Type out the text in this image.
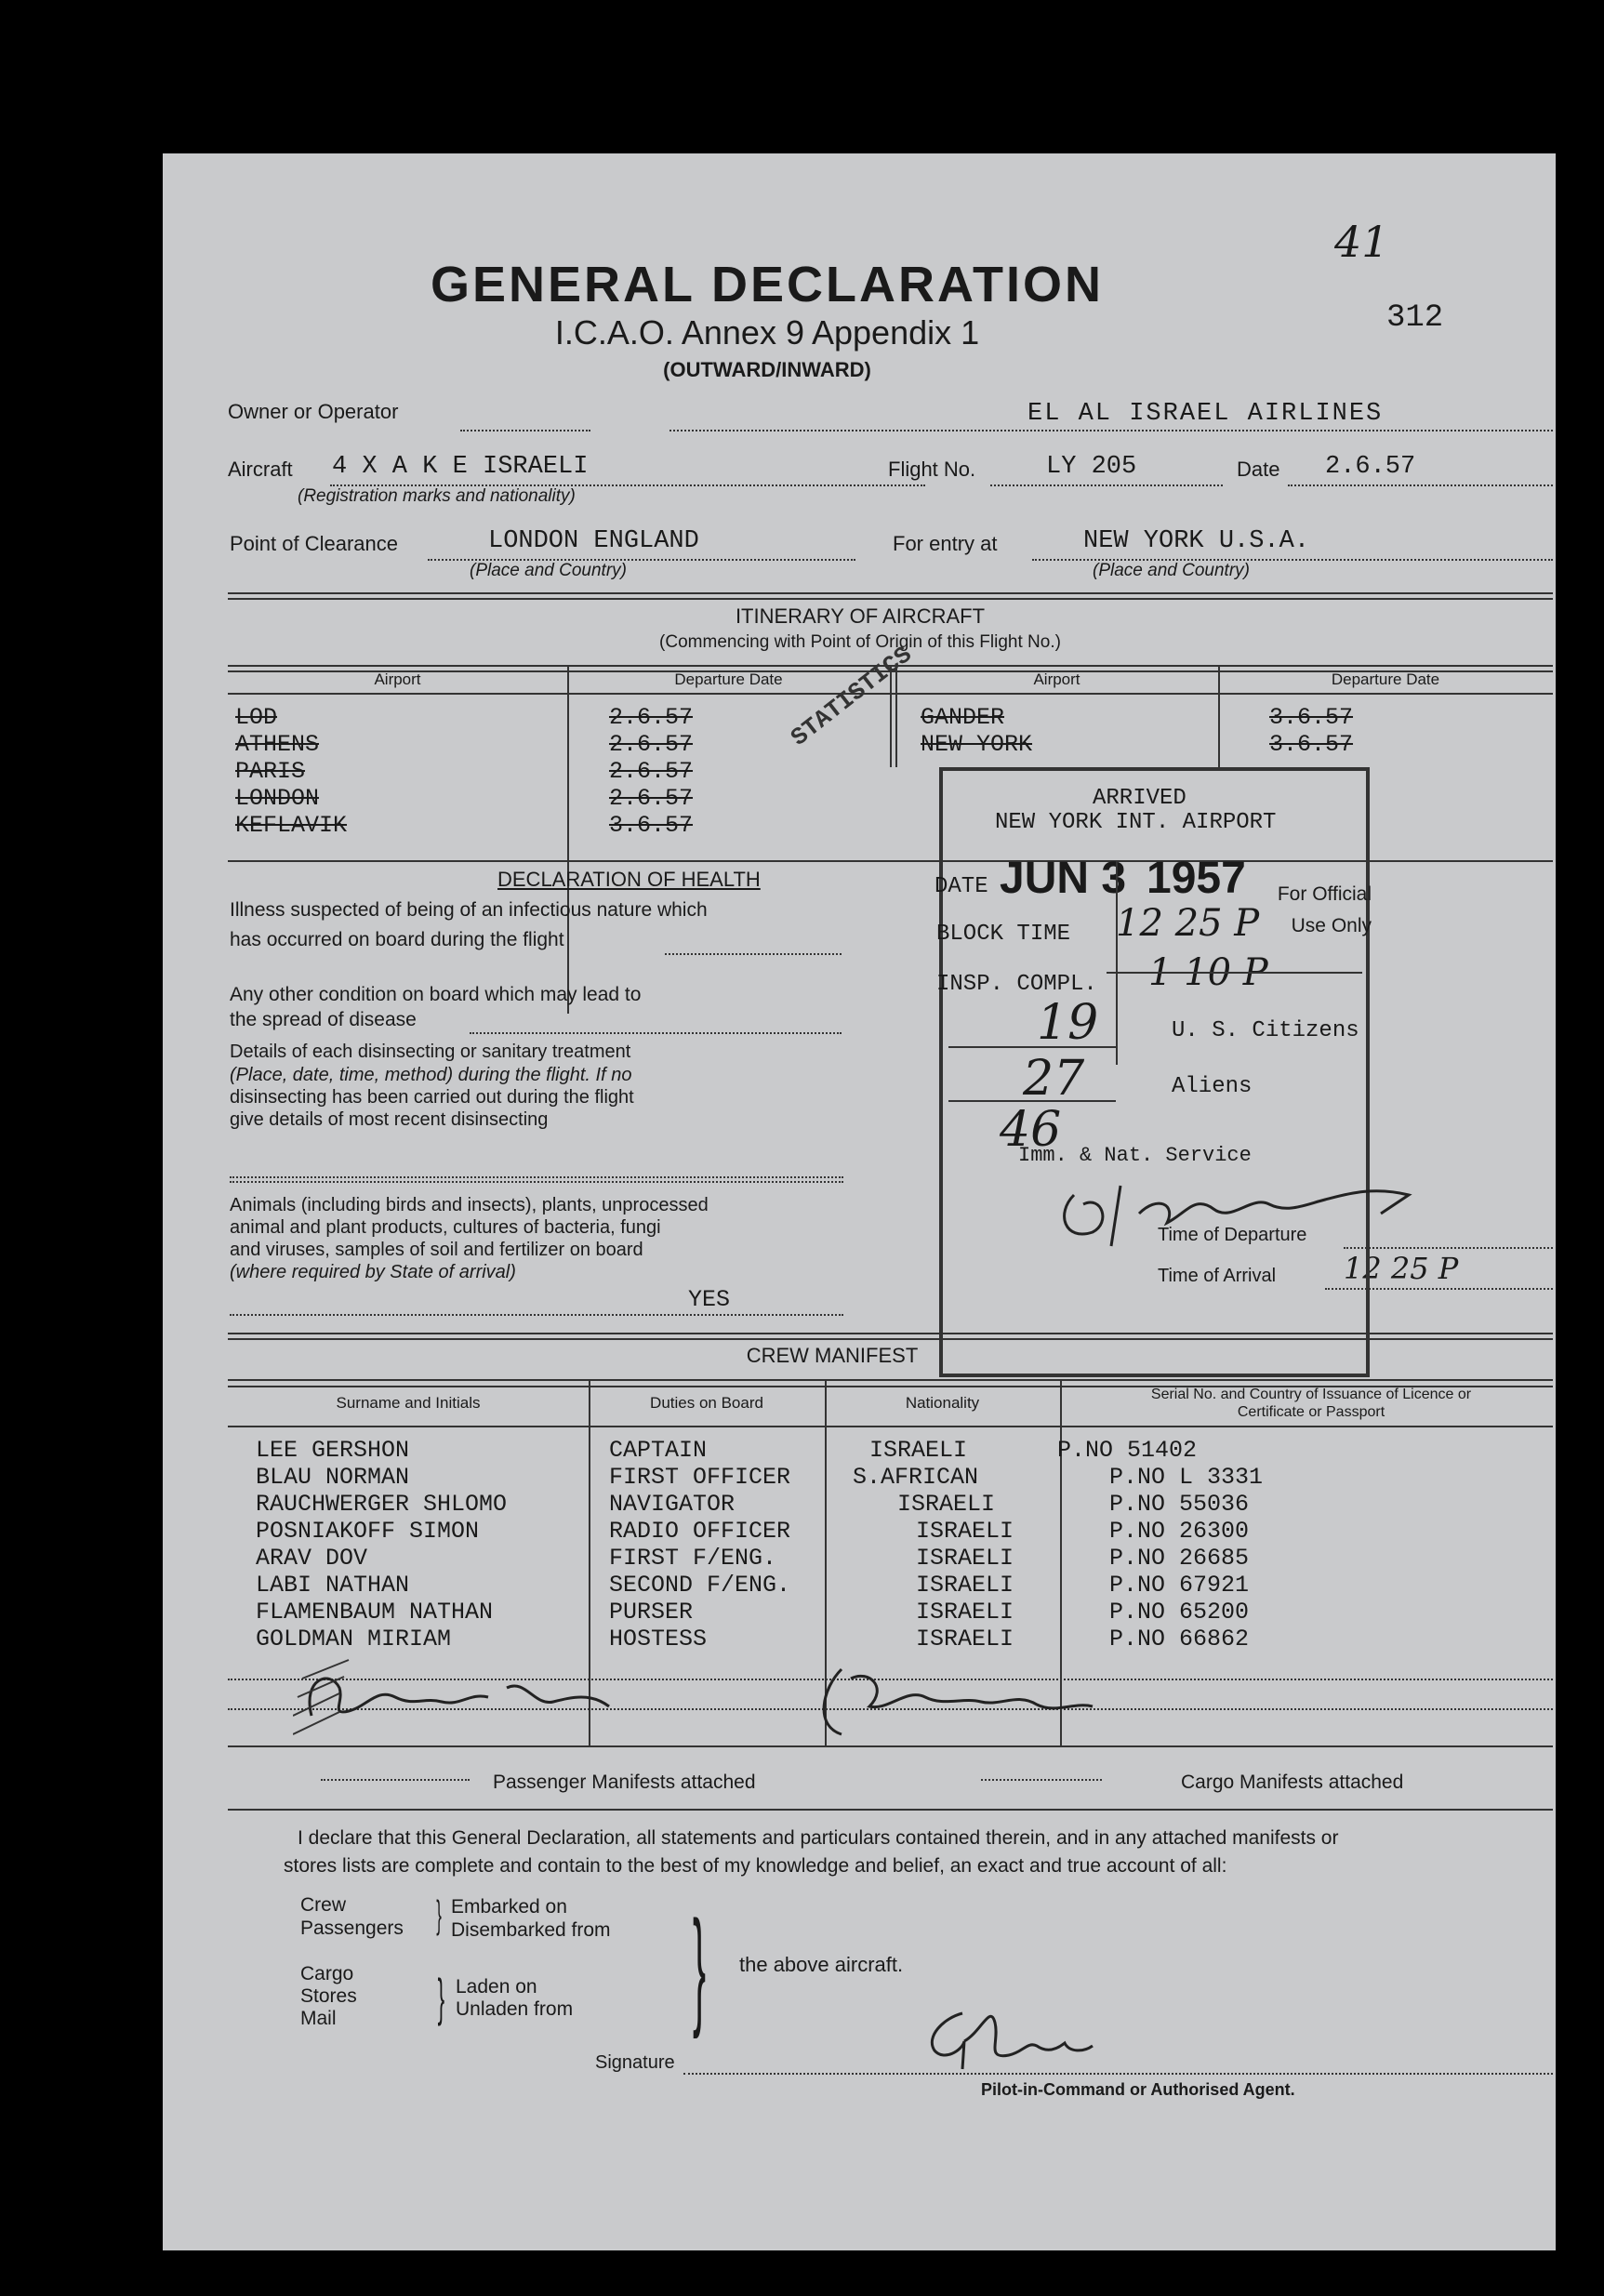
41
312
GENERAL DECLARATION
I.C.A.O. Annex 9 Appendix 1
(OUTWARD/INWARD)
Owner or Operator	EL AL ISRAEL AIRLINES
Aircraft 4 X A K E ISRAELI
(Registration marks and nationality)
Flight No.	LY 205	Date 2.6.57
Point of Clearance	LONDON ENGLAND
(Place and Country)
For entry at	NEW YORK U.S.A.
(Place and Country)
ITINERARY OF AIRCRAFT
(Commencing with Point of Origin of this Flight No.)
Airport	Departure Date	Airport	Departure Date
LOD	2.6.57
ATHENS	2.6.57
PARIS	2.6.57
LONDON	2.6.57
KEFLAVIK	3.6.57
GANDER	3.6.57
NEW YORK	3.6.57
DECLARATION OF HEALTH
Illness suspected of being of an infectious nature which
has occurred on board during the flight
Any other condition on board which may lead to
the spread of disease
Details of each disinsecting or sanitary treatment
(Place, date, time, method) during the flight. If no
disinsecting has been carried out during the flight
give details of most recent disinsecting
Animals (including birds and insects), plants, unprocessed
animal and plant products, cultures of bacteria, fungi
and viruses, samples of soil and fertilizer on board
(where required by State of arrival)
YES
Time of Departure
Time of Arrival 12 25 P
STATISTICS
ARRIVED
NEW YORK INT. AIRPORT
DATE JUN 3 1957	For Official Use Only
BLOCK TIME 12 25 P
INSP. COMPL. 1 10 P
19	U. S. Citizens
27	Aliens
46
Imm. & Nat. Service
CREW MANIFEST
Surname and Initials	Duties on Board	Nationality	Serial No. and Country of Issuance of Licence or Certificate or Passport
LEE GERSHON	CAPTAIN	ISRAELI	P.NO 51402
BLAU NORMAN	FIRST OFFICER	S.AFRICAN	P.NO L 3331
RAUCHWERGER SHLOMO	NAVIGATOR	ISRAELI	P.NO 55036
POSNIAKOFF SIMON	RADIO OFFICER	ISRAELI	P.NO 26300
ARAV DOV	FIRST F/ENG.	ISRAELI	P.NO 26685
LABI NATHAN	SECOND F/ENG.	ISRAELI	P.NO 67921
FLAMENBAUM NATHAN	PURSER	ISRAELI	P.NO 65200
GOLDMAN MIRIAM	HOSTESS	ISRAELI	P.NO 66862
Passenger Manifests attached	Cargo Manifests attached
I declare that this General Declaration, all statements and particulars contained therein, and in any attached manifests or
stores lists are complete and contain to the best of my knowledge and belief, an exact and true account of all:
Crew
Passengers } Embarked on
Disembarked from
Cargo
Stores
Mail } Laden on
Unladen from } the above aircraft.
Signature
Pilot-in-Command or Authorised Agent.
